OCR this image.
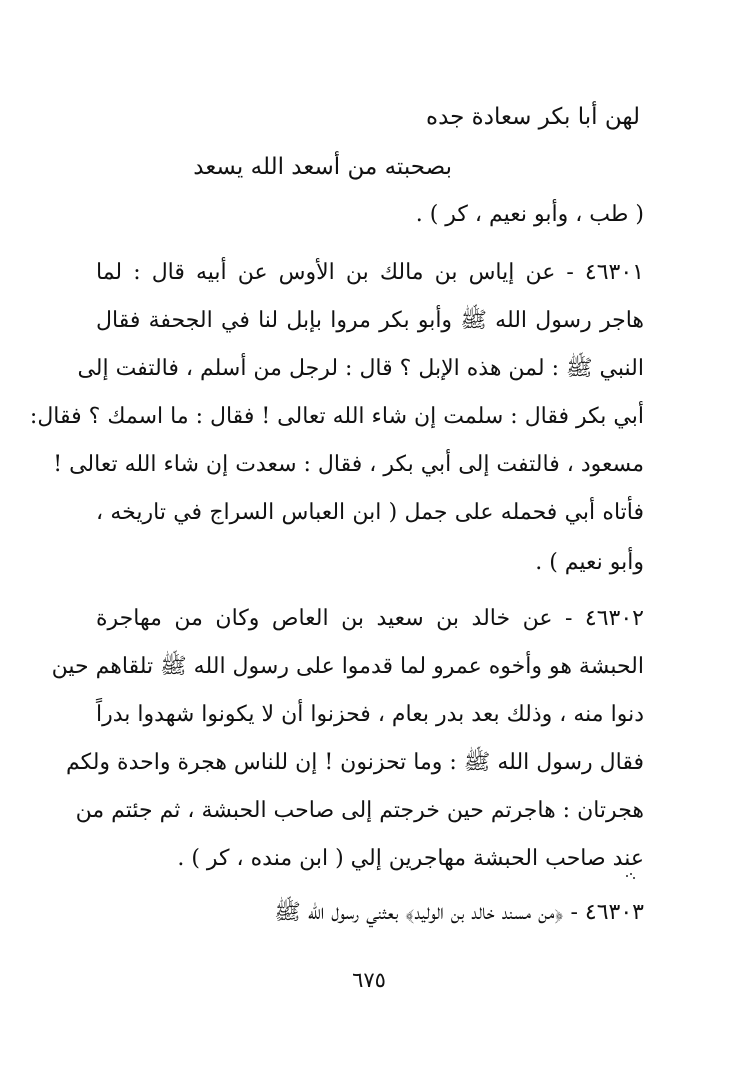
لهن أبا بكر سعادة جده
بصحبته من أسعد الله يسعد
( طب ، وأبو نعيم ، كر ) .
٤٦٣٠١ - عن إياس بن مالك بن الأوس عن أبيه قال : لما
هاجر رسول الله ﷺ وأبو بكر مروا بإبل لنا في الجحفة فقال
النبي ﷺ : لمن هذه الإبل ؟ قال : لرجل من أسلم ، فالتفت إلى
أبي بكر فقال : سلمت إن شاء الله تعالى ! فقال : ما اسمك ؟ فقال:
مسعود ، فالتفت إلى أبي بكر ، فقال : سعدت إن شاء الله تعالى !
فأتاه أبي فحمله على جمل ( ابن العباس السراج في تاريخه ،
وأبو نعيم ) .
٤٦٣٠٢ - عن خالد بن سعيد بن العاص وكان من مهاجرة
الحبشة هو وأخوه عمرو لما قدموا على رسول الله ﷺ تلقاهم حين
دنوا منه ، وذلك بعد بدر بعام ، فحزنوا أن لا يكونوا شهدوا بدراً
فقال رسول الله ﷺ : وما تحزنون ! إن للناس هجرة واحدة ولكم
هجرتان : هاجرتم حين خرجتم إلى صاحب الحبشة ، ثم جئتم من
عند صاحب الحبشة مهاجرين إلي ( ابن منده ، كر ) .
٤٦٣٠٣ - ﴿من مسند خالد بن الوليد﴾ بعثني رسول الله ﷺ
٦٧٥
